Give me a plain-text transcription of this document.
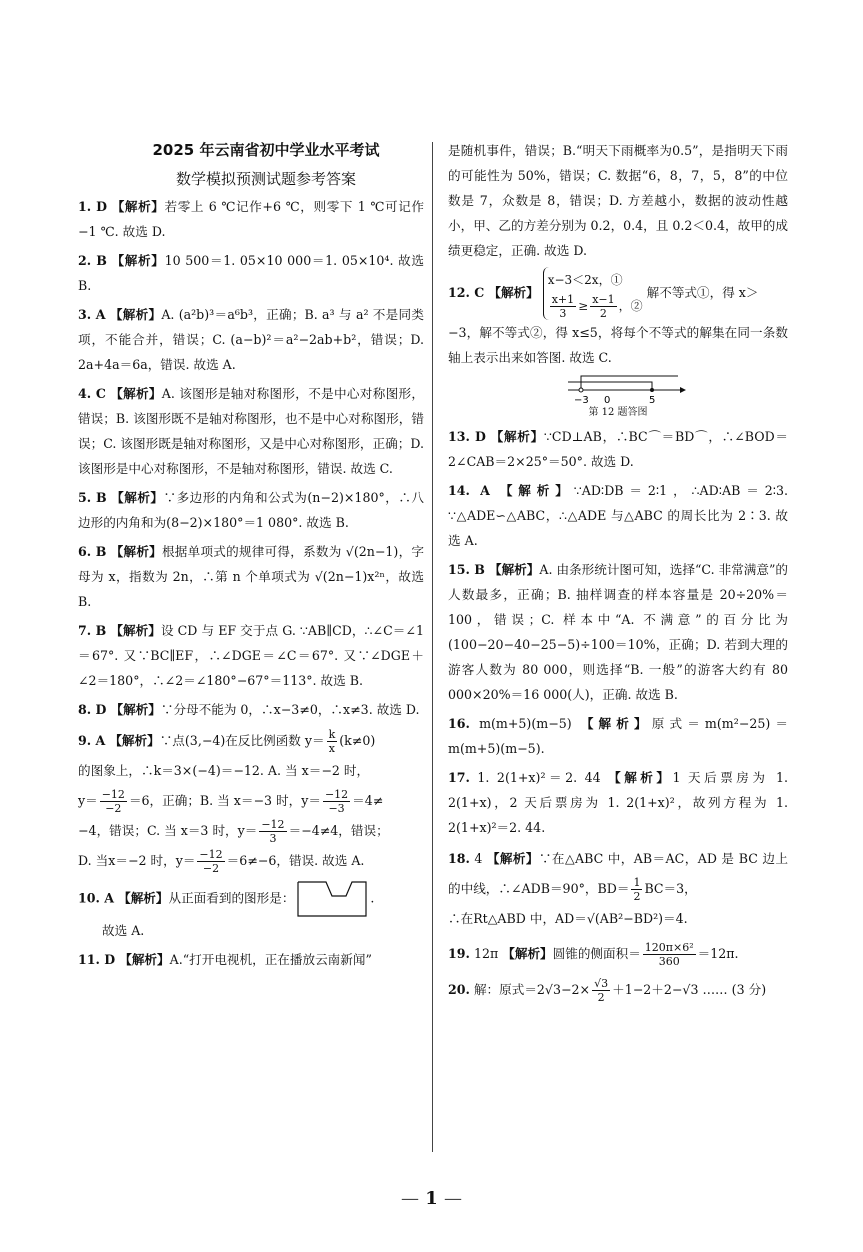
2025 年云南省初中学业水平考试
数学模拟预测试题参考答案
1. D 【解析】若零上 6 ℃记作+6 ℃，则零下 1 ℃可记作−1 ℃. 故选 D.
2. B 【解析】10 500＝1. 05×10 000＝1. 05×10⁴. 故选 B.
3. A 【解析】A. (a²b)³＝a⁶b³，正确；B. a³ 与 a² 不是同类项，不能合并，错误；C. (a−b)²＝a²−2ab+b²，错误；D. 2a+4a＝6a，错误. 故选 A.
4. C 【解析】A. 该图形是轴对称图形，不是中心对称图形，错误；B. 该图形既不是轴对称图形，也不是中心对称图形，错误；C. 该图形既是轴对称图形，又是中心对称图形，正确；D. 该图形是中心对称图形，不是轴对称图形，错误. 故选 C.
5. B 【解析】∵多边形的内角和公式为(n−2)×180°，∴八边形的内角和为(8−2)×180°＝1 080°. 故选 B.
6. B 【解析】根据单项式的规律可得，系数为 √(2n−1)，字母为 x，指数为 2n，∴第 n 个单项式为 √(2n−1)x²ⁿ，故选 B.
7. B 【解析】设 CD 与 EF 交于点 G. ∵AB∥CD，∴∠C＝∠1＝67°. 又∵BC∥EF，∴∠DGE＝∠C＝67°. 又∵∠DGE＋∠2＝180°，∴∠2＝∠180°−67°＝113°. 故选 B.
8. D 【解析】∵分母不能为 0，∴x−3≠0，∴x≠3. 故选 D.
9. A 【解析】∵点(3,−4)在反比例函数 $y= \frac{k}{x} (k\ne 0)$
的图象上，∴k＝3×(−4)＝−12. A. 当 x＝−2 时，
$y= \frac{-12}{-2} =6$，正确；B. 当 x＝−3 时，$y= \frac{-12}{-3} =4\ne$
−4，错误；C. 当 x＝3 时，$y= \frac{-12}{3} =-4\ne 4$，错误；
D. 当x＝−2 时，$y= \frac{-12}{-2} =6\ne-6$，错误. 故选 A.
10. A 【解析】从正面看到的图形是：	.
故选 A.
11. D 【解析】A.“打开电视机，正在播放云南新闻”
是随机事件，错误；B.“明天下雨概率为0.5”，是指明天下雨的可能性为 50%，错误；C. 数据“6，8，7，5，8”的中位数是 7，众数是 8，错误；D. 方差越小，数据的波动性越小，甲、乙的方差分别为 0.2，0.4，且 0.2＜0.4，故甲的成绩更稳定，正确. 故选 D.
12. C 【解析】
x−3＜2x，①
$\frac{x+1}{3} \ge \frac{x-1}{2}$ ，②
解不等式①，得 x＞
−3，解不等式②，得 x≤5，将每个不等式的解集在同一条数轴上表示出来如答图. 故选 C.
−3 0	5
第 12 题答图
13. D 【解析】∵CD⊥AB，∴BC⌒＝BD⌒，∴∠BOD＝2∠CAB＝2×25°＝50°. 故选 D.
14. A 【解析】∵AD∶DB＝2∶1，∴AD∶AB＝2∶3. ∵△ADE∽△ABC，∴△ADE 与△ABC 的周长比为 2∶3. 故选 A.
15. B 【解析】A. 由条形统计图可知，选择“C. 非常满意”的人数最多，正确；B. 抽样调查的样本容量是 20÷20%＝100，错误；C. 样本中“A. 不满意”的百分比为(100−20−40−25−5)÷100＝10%，正确；D. 若到大理的游客人数为 80 000，则选择“B. 一般”的游客大约有 80 000×20%＝16 000(人)，正确. 故选 B.
16. m(m+5)(m−5) 【解析】原式＝m(m²−25)＝m(m+5)(m−5).
17. 1. 2(1+x)²＝2. 44 【解析】1 天后票房为 1. 2(1+x)，2 天后票房为 1. 2(1+x)²，故列方程为 1. 2(1+x)²＝2. 44.
18. 4 【解析】∵在△ABC 中，AB＝AC，AD 是 BC 边上的中线，∴∠ADB＝90°，$BD= \frac{1}{2} BC=3$，
∴在Rt△ABD 中，AD＝√(AB²−BD²)＝4.
19. 12π 【解析】圆锥的侧面积＝ $\frac{\text{120π×6²}}{360} =12\pi$.
20. 解：原式$=2√3-2\times \frac{√3}{2} +1-2+2-√3$ …… (3 分)
— 1 —
